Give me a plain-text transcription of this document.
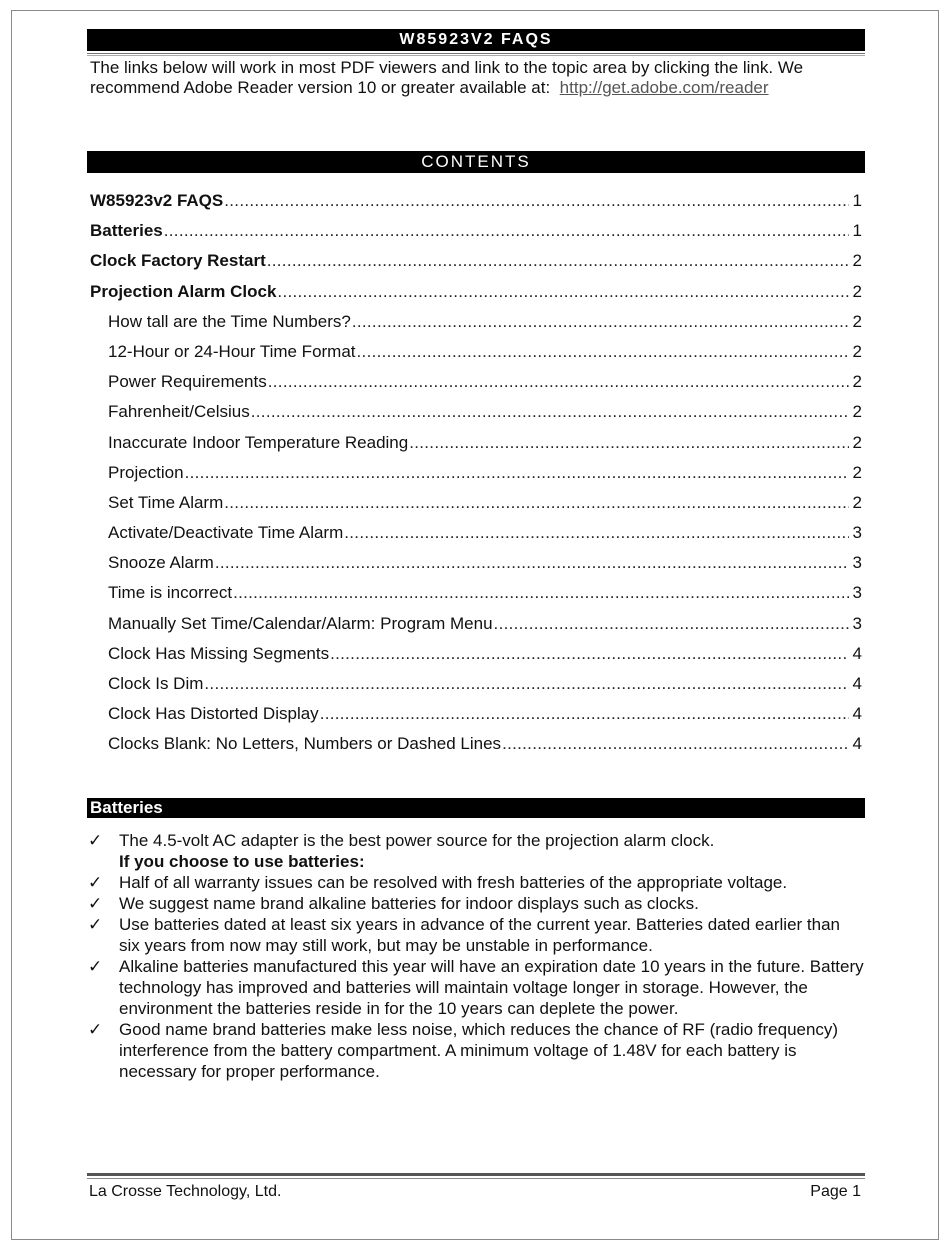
W85923V2 FAQS
The links below will work in most PDF viewers and link to the topic area by clicking the link. We recommend Adobe Reader version 10 or greater available at: http://get.adobe.com/reader
CONTENTS
W85923v2 FAQS .....	1
Batteries .....	1
Clock Factory Restart .....	2
Projection Alarm Clock .....	2
How tall are the Time Numbers? .....	2
12-Hour or 24-Hour Time Format .....	2
Power Requirements .....	2
Fahrenheit/Celsius .....	2
Inaccurate Indoor Temperature Reading .....	2
Projection .....	2
Set Time Alarm .....	2
Activate/Deactivate Time Alarm .....	3
Snooze Alarm .....	3
Time is incorrect .....	3
Manually Set Time/Calendar/Alarm: Program Menu .....	3
Clock Has Missing Segments .....	4
Clock Is Dim .....	4
Clock Has Distorted Display .....	4
Clocks Blank: No Letters, Numbers or Dashed Lines .....	4
Batteries
✓ The 4.5-volt AC adapter is the best power source for the projection alarm clock.
If you choose to use batteries:
✓ Half of all warranty issues can be resolved with fresh batteries of the appropriate voltage.
✓ We suggest name brand alkaline batteries for indoor displays such as clocks.
✓ Use batteries dated at least six years in advance of the current year. Batteries dated earlier than six years from now may still work, but may be unstable in performance.
✓ Alkaline batteries manufactured this year will have an expiration date 10 years in the future. Battery technology has improved and batteries will maintain voltage longer in storage. However, the environment the batteries reside in for the 10 years can deplete the power.
✓ Good name brand batteries make less noise, which reduces the chance of RF (radio frequency) interference from the battery compartment. A minimum voltage of 1.48V for each battery is necessary for proper performance.
La Crosse Technology, Ltd.	Page 1
